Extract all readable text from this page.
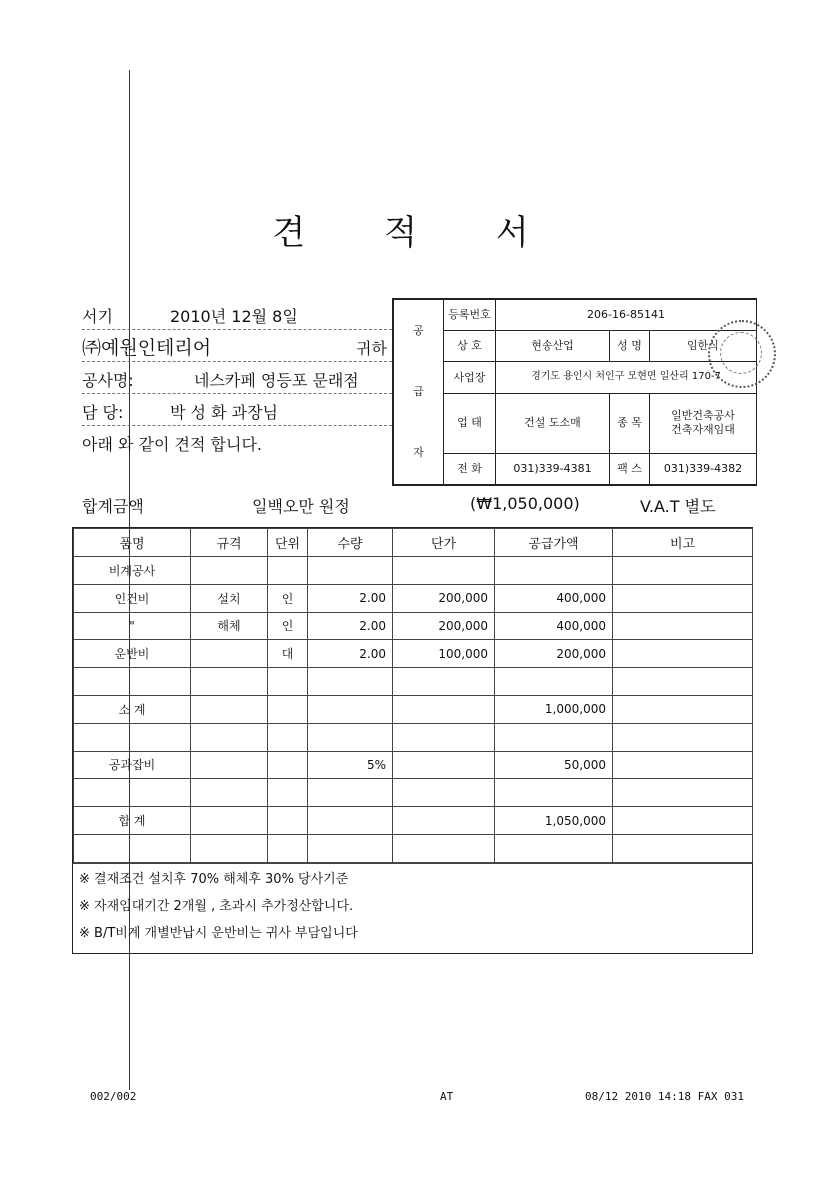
견 적 서
서기	2010년 12월 8일
㈜예원인테리어	귀하
공사명:	네스카페 영등포 문래점
담 당:	박 성 화 과장님
아래 와 같이 견적 합니다.
공
급
자	등록번호	206-16-85141		
	상 호	현송산업	성 명	임한식
	사업장	경기도 용인시 처인구 모현면 일산리 170-7		
	업 태	건설 도소매	종 목	일반건축공사
건축자재임대

	전 화	031)339-4381	팩 스	031)339-4382
합계금액	일백오만 원정	(₩1,050,000)	V.A.T 별도
품명	규격	단위	수량	단가	공급가액	비고
비계공사						
인건비	설치	인	2.00	200,000	400,000	
"	해체	인	2.00	200,000	400,000	
운반비		대	2.00	100,000	200,000	

소 계					1,000,000	

공과잡비			5%		50,000	

합 계					1,050,000	

※ 결재조건 설치후 70% 해체후 30% 당사기준
※ 자재임대기간 2개월 , 초과시 추가정산합니다.
※ B/T비계 개별반납시 운반비는 귀사 부담입니다
002/002	AT	08/12 2010 14:18 FAX 031
